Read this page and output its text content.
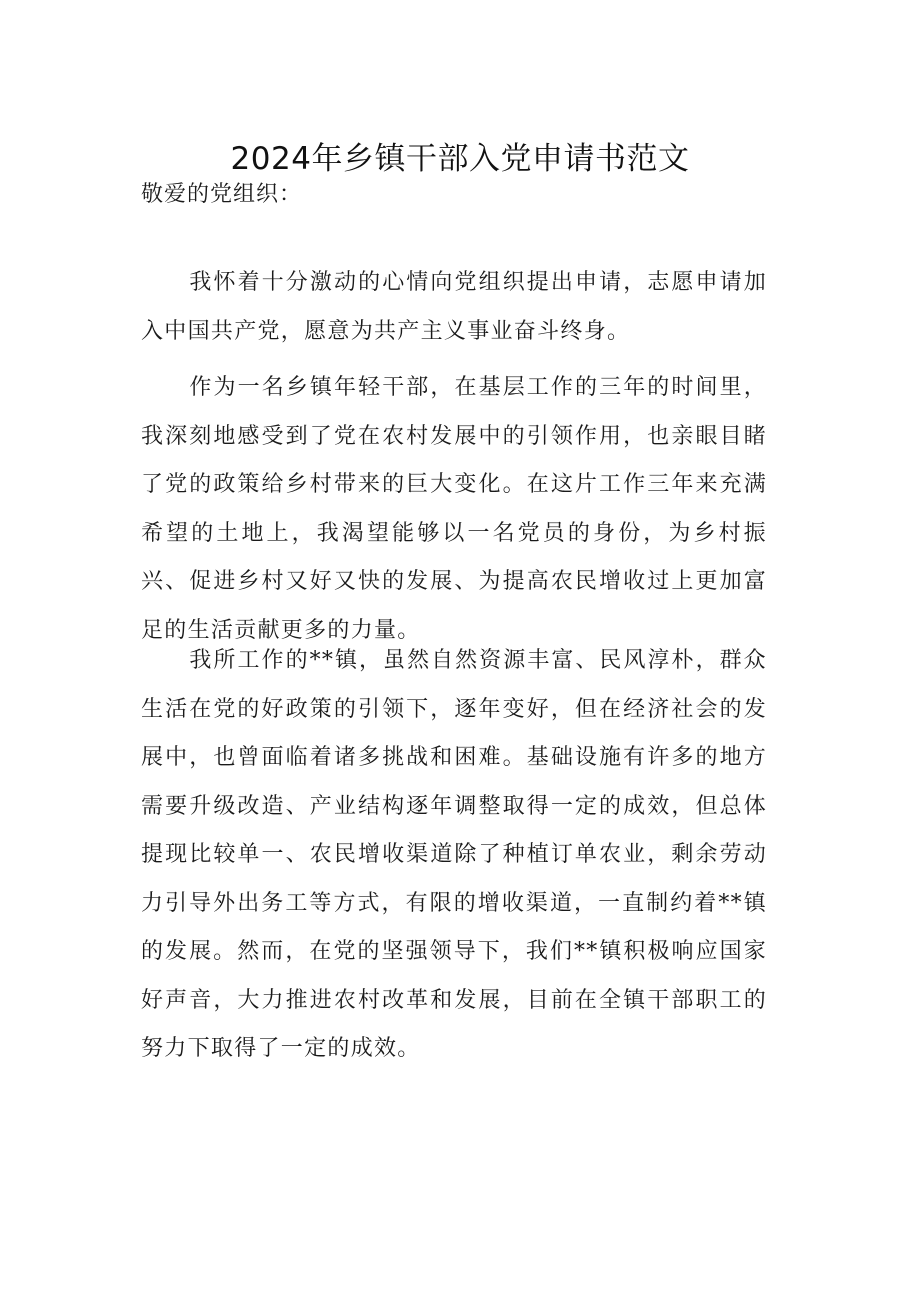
2024年乡镇干部入党申请书范文
敬爱的党组织：

我怀着十分激动的心情向党组织提出申请，志愿申请加入中国共产党，愿意为共产主义事业奋斗终身。

作为一名乡镇年轻干部，在基层工作的三年的时间里，我深刻地感受到了党在农村发展中的引领作用，也亲眼目睹了党的政策给乡村带来的巨大变化。在这片工作三年来充满希望的土地上，我渴望能够以一名党员的身份，为乡村振兴、促进乡村又好又快的发展、为提高农民增收过上更加富足的生活贡献更多的力量。

我所工作的**镇，虽然自然资源丰富、民风淳朴，群众生活在党的好政策的引领下，逐年变好，但在经济社会的发展中，也曾面临着诸多挑战和困难。基础设施有许多的地方需要升级改造、产业结构逐年调整取得一定的成效，但总体提现比较单一、农民增收渠道除了种植订单农业，剩余劳动力引导外出务工等方式，有限的增收渠道，一直制约着**镇的发展。然而，在党的坚强领导下，我们**镇积极响应国家好声音，大力推进农村改革和发展，目前在全镇干部职工的努力下取得了一定的成效。
